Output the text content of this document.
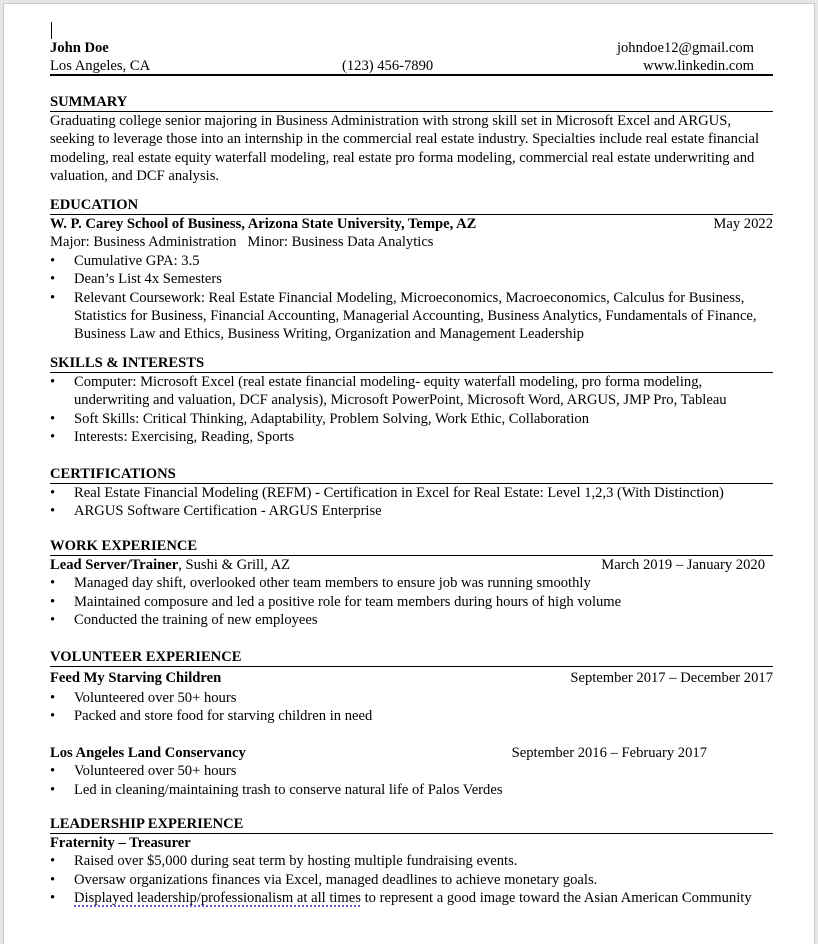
John Doe	johndoe12@gmail.com
Los Angeles, CA	(123) 456-7890	www.linkedin.com
SUMMARY
Graduating college senior majoring in Business Administration with strong skill set in Microsoft Excel and ARGUS,
seeking to leverage those into an internship in the commercial real estate industry. Specialties include real estate financial
modeling, real estate equity waterfall modeling, real estate pro forma modeling, commercial real estate underwriting and
valuation, and DCF analysis.
EDUCATION
W. P. Carey School of Business, Arizona State University, Tempe, AZ	May 2022
Major: Business Administration   Minor: Business Data Analytics
• Cumulative GPA: 3.5
• Dean’s List 4x Semesters
• Relevant Coursework: Real Estate Financial Modeling, Microeconomics, Macroeconomics, Calculus for Business,
Statistics for Business, Financial Accounting, Managerial Accounting, Business Analytics, Fundamentals of Finance,
Business Law and Ethics, Business Writing, Organization and Management Leadership
SKILLS & INTERESTS
• Computer: Microsoft Excel (real estate financial modeling- equity waterfall modeling, pro forma modeling,
underwriting and valuation, DCF analysis), Microsoft PowerPoint, Microsoft Word, ARGUS, JMP Pro, Tableau
• Soft Skills: Critical Thinking, Adaptability, Problem Solving, Work Ethic, Collaboration
• Interests: Exercising, Reading, Sports
CERTIFICATIONS
• Real Estate Financial Modeling (REFM) - Certification in Excel for Real Estate: Level 1,2,3 (With Distinction)
• ARGUS Software Certification - ARGUS Enterprise
WORK EXPERIENCE
Lead Server/Trainer, Sushi & Grill, AZ	March 2019 – January 2020
• Managed day shift, overlooked other team members to ensure job was running smoothly
• Maintained composure and led a positive role for team members during hours of high volume
• Conducted the training of new employees
VOLUNTEER EXPERIENCE
Feed My Starving Children	September 2017 – December 2017
• Volunteered over 50+ hours
• Packed and store food for starving children in need
Los Angeles Land Conservancy	September 2016 – February 2017
• Volunteered over 50+ hours
• Led in cleaning/maintaining trash to conserve natural life of Palos Verdes
LEADERSHIP EXPERIENCE
Fraternity – Treasurer
• Raised over $5,000 during seat term by hosting multiple fundraising events.
• Oversaw organizations finances via Excel, managed deadlines to achieve monetary goals.
• Displayed leadership/professionalism at all times to represent a good image toward the Asian American Community
